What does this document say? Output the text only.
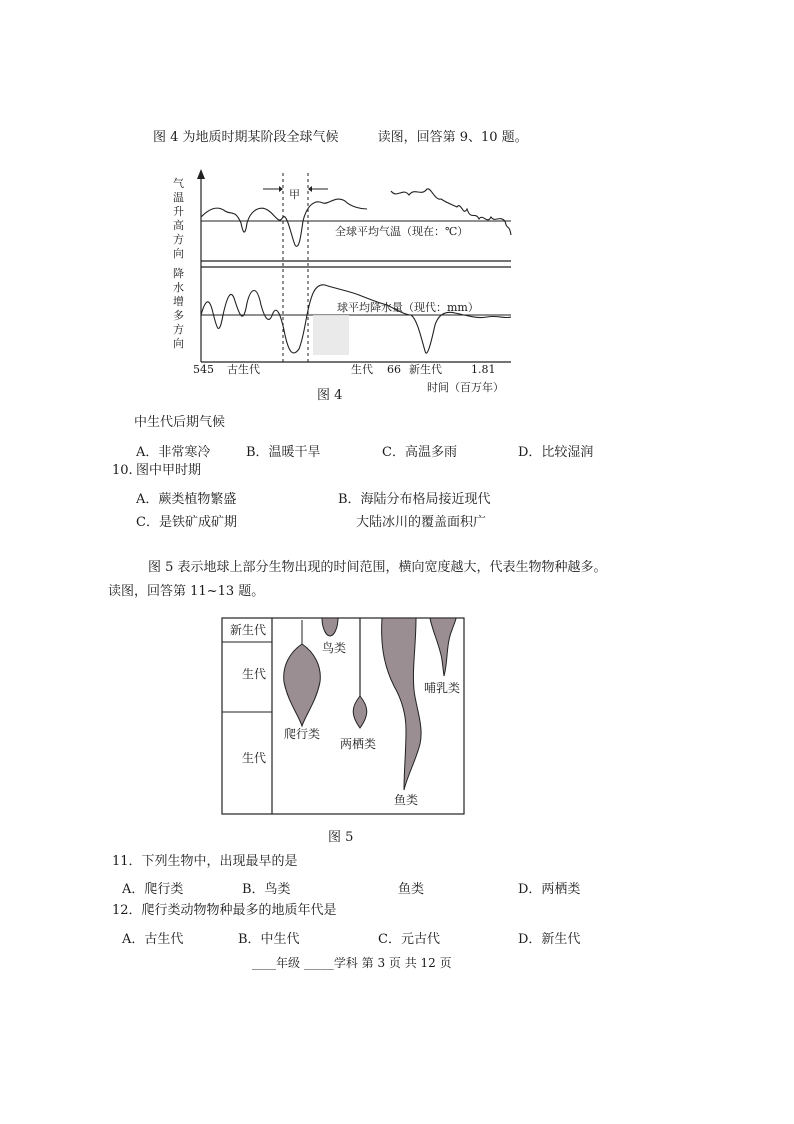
图 4 为地质时期某阶段全球气候　　　	读图，回答第 9、10 题。
甲
气
温
升
高
方
向
降
水
增
多
方
向
全球平均气温（现在：℃）
球平均降水量（现代：mm）
545 古生代	生代 66 新生代	1.81
时间（百万年）
图 4
中生代后期气候
A．非常寒冷	B．温暖干旱	C．高温多雨	D．比较湿润
10. 图中甲时期
A．蕨类植物繁盛	B．海陆分布格局接近现代
C．是铁矿成矿期	大陆冰川的覆盖面积广
图 5 表示地球上部分生物出现的时间范围，横向宽度越大，代表生物物种越多。
读图，回答第 11~13 题。
新生代
生代
生代
鸟类
哺乳类
爬行类
两栖类
鱼类
图 5
11．下列生物中，出现最早的是
A．爬行类	B．鸟类	鱼类	D．两栖类
12．爬行类动物物种最多的地质年代是
A．古生代	B．中生代	C．元古代	D．新生代
____年级 _____学科 第 3 页 共 12 页
